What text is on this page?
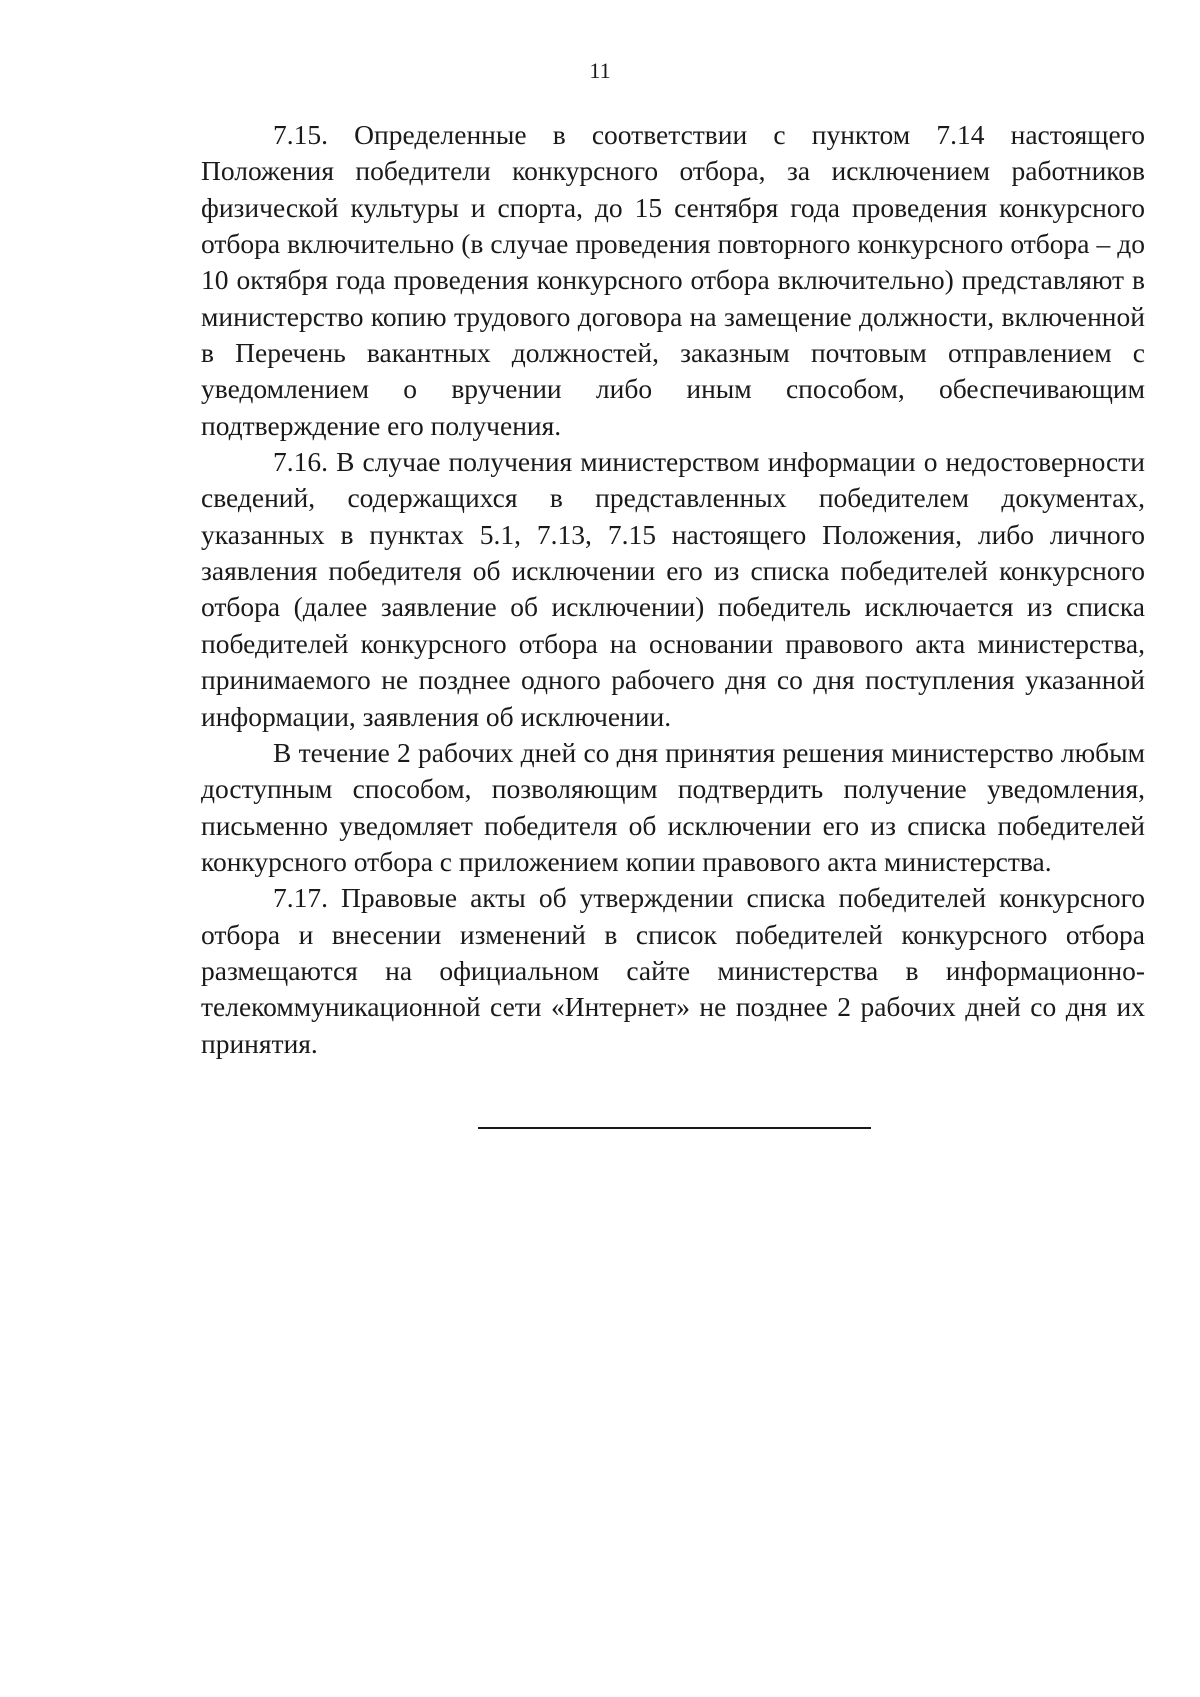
11

7.15. Определенные в соответствии с пунктом 7.14 настоящего Положения победители конкурсного отбора, за исключением работников физической культуры и спорта, до 15 сентября года проведения конкурсного отбора включительно (в случае проведения повторного конкурсного отбора – до 10 октября года проведения конкурсного отбора включительно) представляют в министерство копию трудового договора на замещение должности, включенной в Перечень вакантных должностей, заказным почтовым отправлением с уведомлением о вручении либо иным способом, обеспечивающим подтверждение его получения.

7.16. В случае получения министерством информации о недостоверности сведений, содержащихся в представленных победителем документах, указанных в пунктах 5.1, 7.13, 7.15 настоящего Положения, либо личного заявления победителя об исключении его из списка победителей конкурсного отбора (далее заявление об исключении) победитель исключается из списка победителей конкурсного отбора на основании правового акта министерства, принимаемого не позднее одного рабочего дня со дня поступления указанной информации, заявления об исключении.

В течение 2 рабочих дней со дня принятия решения министерство любым доступным способом, позволяющим подтвердить получение уведомления, письменно уведомляет победителя об исключении его из списка победителей конкурсного отбора с приложением копии правового акта министерства.

7.17. Правовые акты об утверждении списка победителей конкурсного отбора и внесении изменений в список победителей конкурсного отбора размещаются на официальном сайте министерства в информационно-телекоммуникационной сети «Интернет» не позднее 2 рабочих дней со дня их принятия.
